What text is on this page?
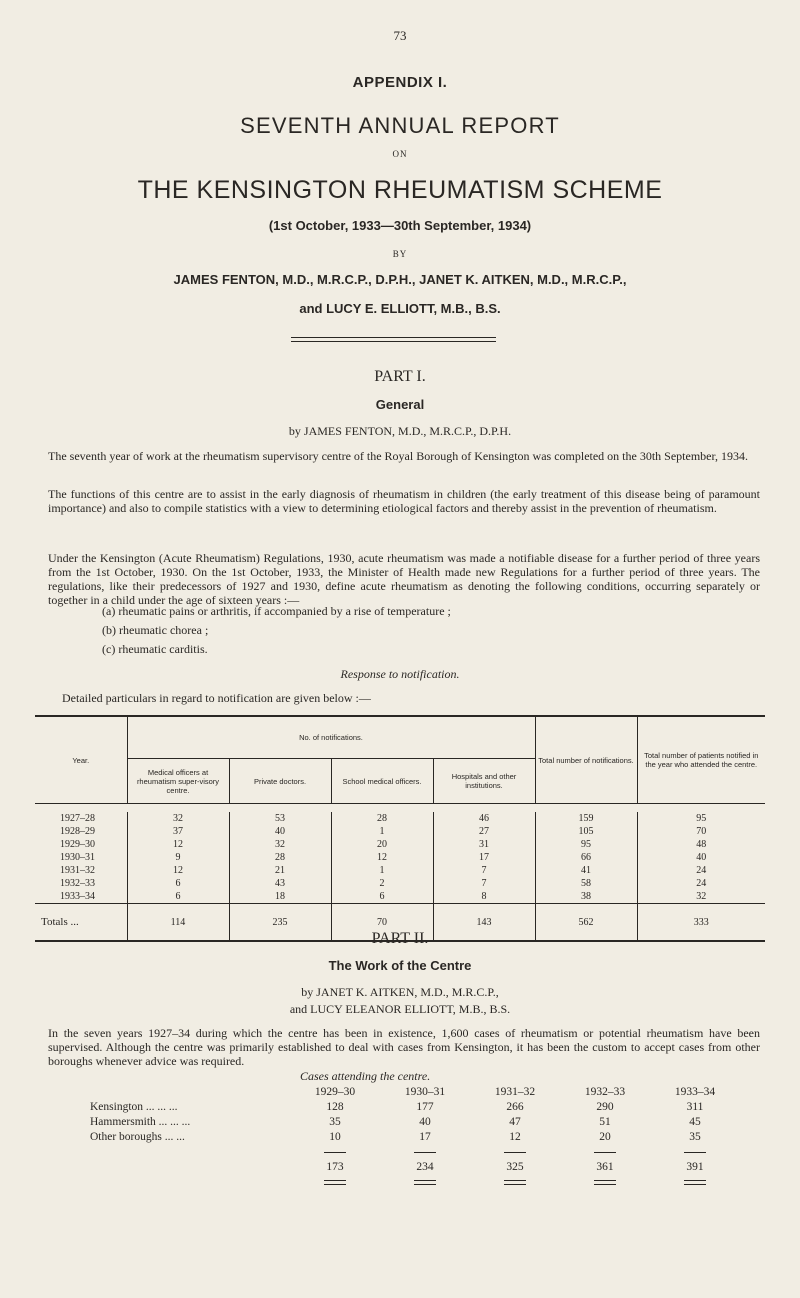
73
APPENDIX I.
SEVENTH ANNUAL REPORT
ON
THE KENSINGTON RHEUMATISM SCHEME
(1st October, 1933—30th September, 1934)
BY
JAMES FENTON, M.D., M.R.C.P., D.P.H., JANET K. AITKEN, M.D., M.R.C.P.,
and LUCY E. ELLIOTT, M.B., B.S.
PART I.
General
by JAMES FENTON, M.D., M.R.C.P., D.P.H.
The seventh year of work at the rheumatism supervisory centre of the Royal Borough of Kensington was completed on the 30th September, 1934.
The functions of this centre are to assist in the early diagnosis of rheumatism in children (the early treatment of this disease being of paramount importance) and also to compile statistics with a view to determining etiological factors and thereby assist in the prevention of rheumatism.
Under the Kensington (Acute Rheumatism) Regulations, 1930, acute rheumatism was made a notifiable disease for a further period of three years from the 1st October, 1930. On the 1st October, 1933, the Minister of Health made new Regulations for a further period of three years. The regulations, like their predecessors of 1927 and 1930, define acute rheumatism as denoting the following conditions, occurring separately or together in a child under the age of sixteen years :—
(a) rheumatic pains or arthritis, if accompanied by a rise of temperature ;
(b) rheumatic chorea ;
(c) rheumatic carditis.
Response to notification.
Detailed particulars in regard to notification are given below :—
Year.	No. of notifications.				Total number of notifications.	Total number of patients notified in the year who attended the centre.
	Medical officers at rheumatism super-visory centre.	Private doctors.	School medical officers.	Hospitals and other institutions.		

1927–28	32	53	28	46	159	95
1928–29	37	40	1	27	105	70
1929–30	12	32	20	31	95	48
1930–31	9	28	12	17	66	40
1931–32	12	21	1	7	41	24
1932–33	6	43	2	7	58	24
1933–34	6	18	6	8	38	32
Totals ...	114	235	70	143	562	333
PART II.
The Work of the Centre
by JANET K. AITKEN, M.D., M.R.C.P.,
and LUCY ELEANOR ELLIOTT, M.B., B.S.
In the seven years 1927–34 during which the centre has been in existence, 1,600 cases of rheumatism or potential rheumatism have been supervised. Although the centre was primarily established to deal with cases from Kensington, it has been the custom to accept cases from other boroughs whenever advice was required.
Cases attending the centre.
	1929–30	1930–31	1931–32	1932–33	1933–34
Kensington ... ... ...	128	177	266	290	311
Hammersmith ... ... ...	35	40	47	51	45
Other boroughs ... ...	10	17	12	20	35

	173	234	325	361	391
